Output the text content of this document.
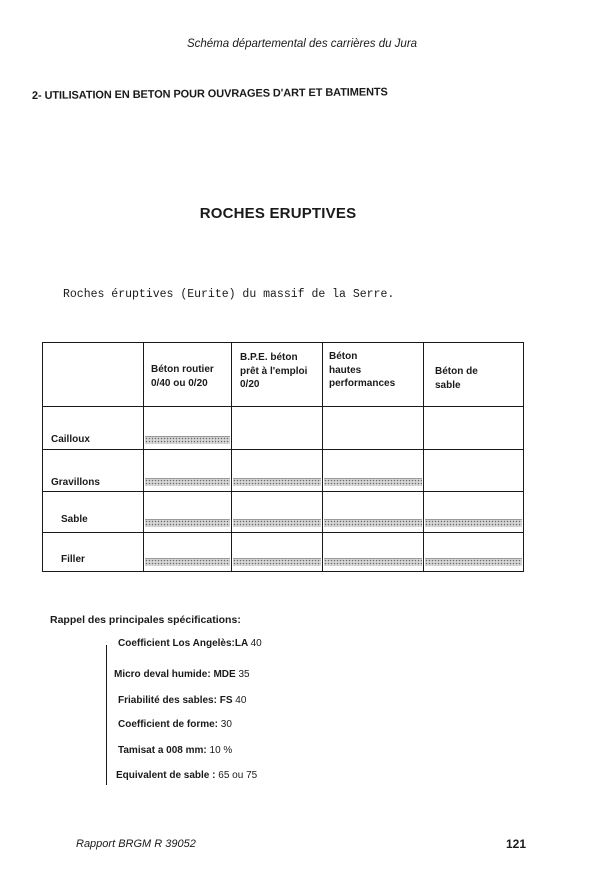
Schéma départemental des carrières du Jura
2- UTILISATION EN BETON POUR OUVRAGES D'ART ET BATIMENTS
ROCHES ERUPTIVES
Roches éruptives (Eurite) du massif de la Serre.
Béton routier
0/40 ou 0/20
B.P.E. béton
prêt à l'emploi
0/20
Béton
hautes
performances
Béton de
sable
Cailloux
Gravillons
Sable
Filler
Rappel des principales spécifications:
Coefficient Los Angelès:LA 40
Micro deval humide: MDE 35
Friabilité des sables: FS 40
Coefficient de forme: 30
Tamisat a 008 mm: 10 %
Equivalent de sable : 65 ou 75
Rapport BRGM R 39052	121
